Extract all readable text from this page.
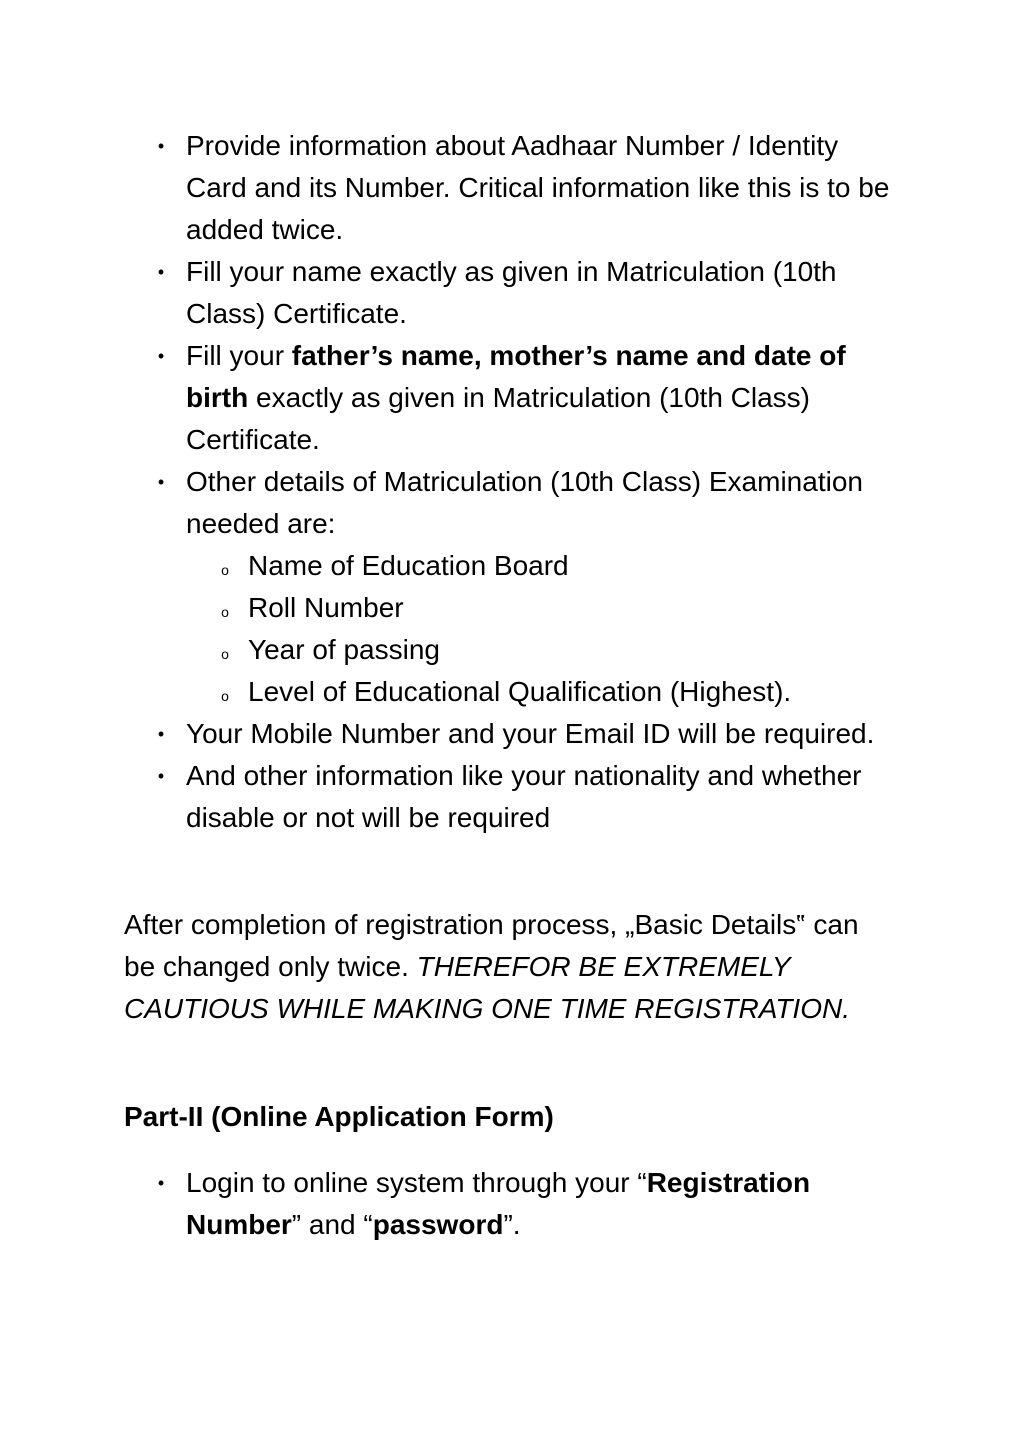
• Provide information about Aadhaar Number / Identity Card and its Number. Critical information like this is to be added twice.
• Fill your name exactly as given in Matriculation (10th Class) Certificate.
• Fill your father’s name, mother’s name and date of birth exactly as given in Matriculation (10th Class) Certificate.
• Other details of Matriculation (10th Class) Examination needed are:
o Name of Education Board
o Roll Number
o Year of passing
o Level of Educational Qualification (Highest).
• Your Mobile Number and your Email ID will be required.
• And other information like your nationality and whether disable or not will be required

After completion of registration process, „Basic Details‟ can be changed only twice. THEREFOR BE EXTREMELY CAUTIOUS WHILE MAKING ONE TIME REGISTRATION.

Part-II (Online Application Form)
• Login to online system through your “Registration Number” and “password”.
